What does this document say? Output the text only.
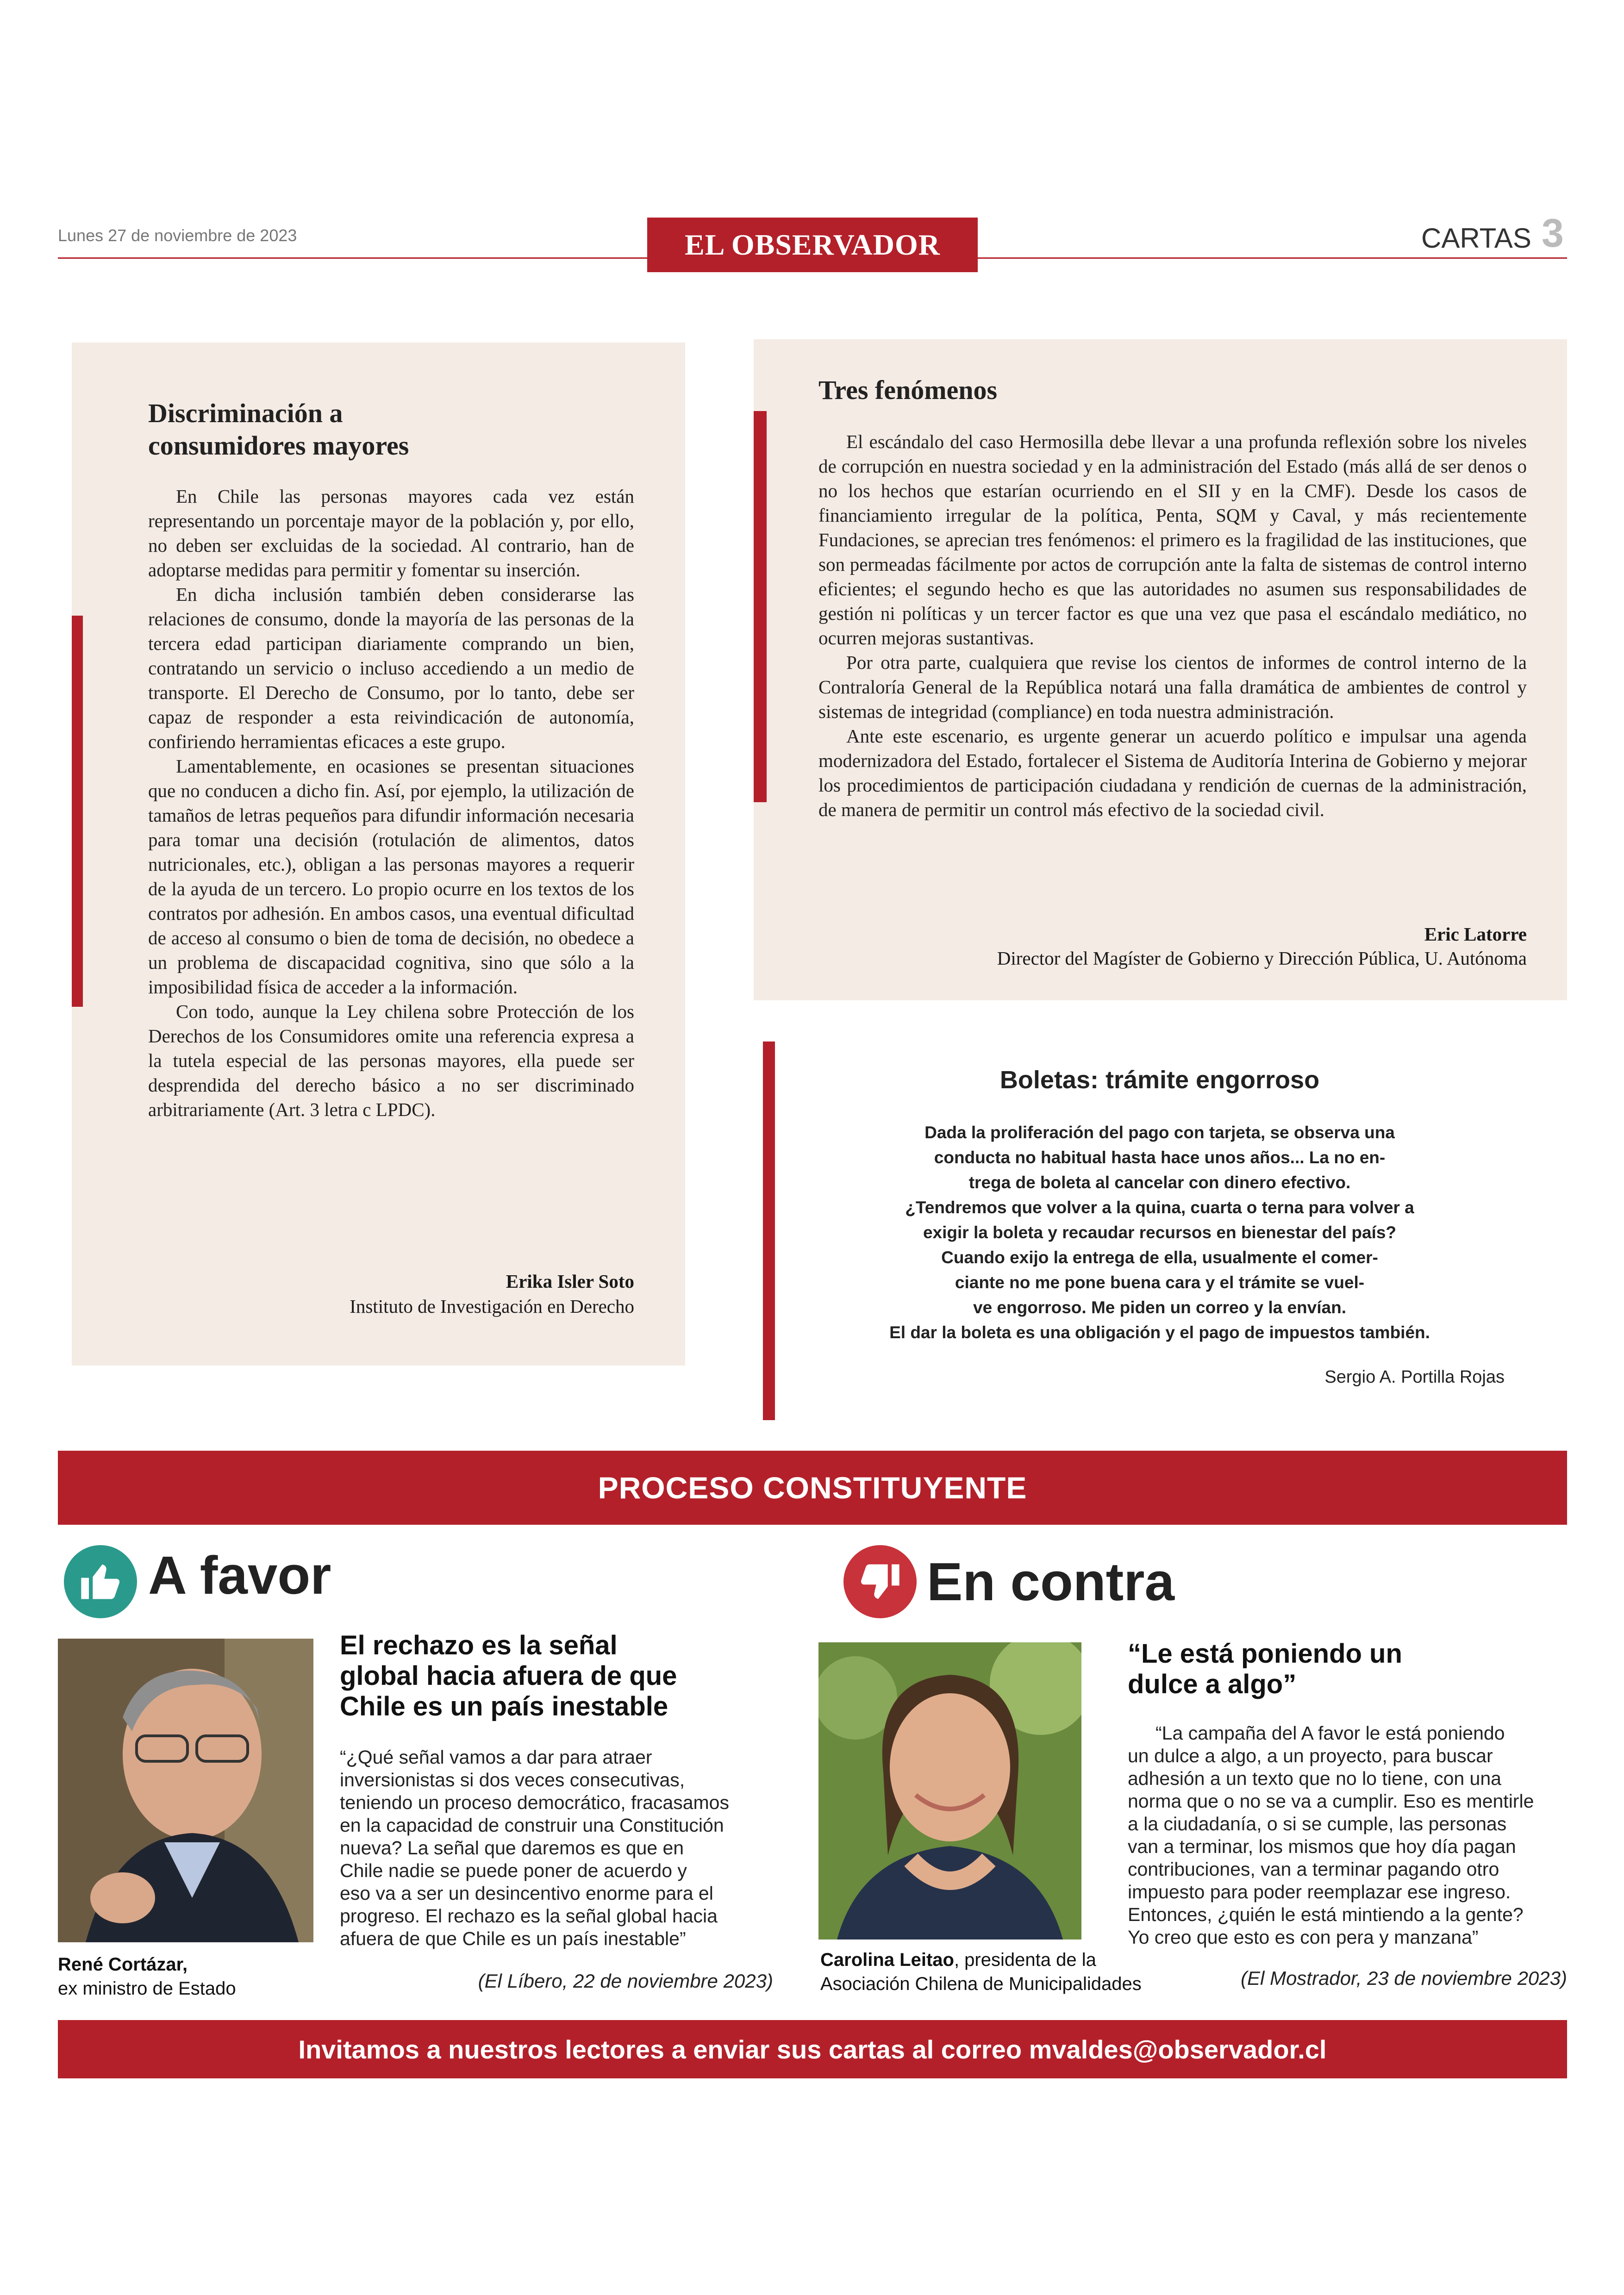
Lunes 27 de noviembre de 2023	EL OBSERVADOR	CARTAS 3
Discriminación a
consumidores mayores

En Chile las personas mayores cada vez están representando un porcentaje mayor de la población y, por ello, no deben ser excluidas de la sociedad. Al contrario, han de adoptarse medidas para permitir y fomentar su inserción.

En dicha inclusión también deben considerarse las relaciones de consumo, donde la mayoría de las personas de la tercera edad participan diariamente comprando un bien, contratando un servicio o incluso accediendo a un medio de transporte. El Derecho de Consumo, por lo tanto, debe ser capaz de responder a esta reivindicación de autonomía, confiriendo herramientas eficaces a este grupo.

Lamentablemente, en ocasiones se presentan situaciones que no conducen a dicho fin. Así, por ejemplo, la utilización de tamaños de letras pequeños para difundir información necesaria para tomar una decisión (rotulación de alimentos, datos nutricionales, etc.), obligan a las personas mayores a requerir de la ayuda de un tercero. Lo propio ocurre en los textos de los contratos por adhesión. En ambos casos, una eventual dificultad de acceso al consumo o bien de toma de decisión, no obedece a un problema de discapacidad cognitiva, sino que sólo a la imposibilidad física de acceder a la información.

Con todo, aunque la Ley chilena sobre Protección de los Derechos de los Consumidores omite una referencia expresa a la tutela especial de las personas mayores, ella puede ser desprendida del derecho básico a no ser discriminado arbitrariamente (Art. 3 letra c LPDC).

Erika Isler Soto
Instituto de Investigación en Derecho
Tres fenómenos

El escándalo del caso Hermosilla debe llevar a una profunda reflexión sobre los niveles de corrupción en nuestra sociedad y en la administración del Estado (más allá de ser denos o no los hechos que estarían ocurriendo en el SII y en la CMF). Desde los casos de financiamiento irregular de la política, Penta, SQM y Caval, y más recientemente Fundaciones, se aprecian tres fenómenos: el primero es la fragilidad de las instituciones, que son permeadas fácilmente por actos de corrupción ante la falta de sistemas de control interno eficientes; el segundo hecho es que las autoridades no asumen sus responsabilidades de gestión ni políticas y un tercer factor es que una vez que pasa el escándalo mediático, no ocurren mejoras sustantivas.

Por otra parte, cualquiera que revise los cientos de informes de control interno de la Contraloría General de la República notará una falla dramática de ambientes de control y sistemas de integridad (compliance) en toda nuestra administración.

Ante este escenario, es urgente generar un acuerdo político e impulsar una agenda modernizadora del Estado, fortalecer el Sistema de Auditoría Interina de Gobierno y mejorar los procedimientos de participación ciudadana y rendición de cuernas de la administración, de manera de permitir un control más efectivo de la sociedad civil.

Eric Latorre
Director del Magíster de Gobierno y Dirección Pública, U. Autónoma
Boletas: trámite engorroso

Dada la proliferación del pago con tarjeta, se observa una

conducta no habitual hasta hace unos años... La no en-

trega de boleta al cancelar con dinero efectivo.

¿Tendremos que volver a la quina, cuarta o terna para volver a

exigir la boleta y recaudar recursos en bienestar del país?

Cuando exijo la entrega de ella, usualmente el comer-

ciante no me pone buena cara y el trámite se vuel-

ve engorroso. Me piden un correo y la envían.

El dar la boleta es una obligación y el pago de impuestos también.

Sergio A. Portilla Rojas
PROCESO CONSTITUYENTE
A favor
El rechazo es la señal
global hacia afuera de que
Chile es un país inestable
“¿Qué señal vamos a dar para atraer
inversionistas si dos veces consecutivas,
teniendo un proceso democrático, fracasamos
en la capacidad de construir una Constitución
nueva? La señal que daremos es que en
Chile nadie se puede poner de acuerdo y
eso va a ser un desincentivo enorme para el
progreso. El rechazo es la señal global hacia
afuera de que Chile es un país inestable”
René Cortázar,
ex ministro de Estado	(El Líbero, 22 de noviembre 2023)
En contra
“Le está poniendo un
dulce a algo”
“La campaña del A favor le está poniendo
un dulce a algo, a un proyecto, para buscar
adhesión a un texto que no lo tiene, con una
norma que o no se va a cumplir. Eso es mentirle
a la ciudadanía, o si se cumple, las personas
van a terminar, los mismos que hoy día pagan
contribuciones, van a terminar pagando otro
impuesto para poder reemplazar ese ingreso.
Entonces, ¿quién le está mintiendo a la gente?
Yo creo que esto es con pera y manzana”
Carolina Leitao, presidenta de la
Asociación Chilena de Municipalidades	(El Mostrador, 23 de noviembre 2023)
Invitamos a nuestros lectores a enviar sus cartas al correo mvaldes@observador.cl
